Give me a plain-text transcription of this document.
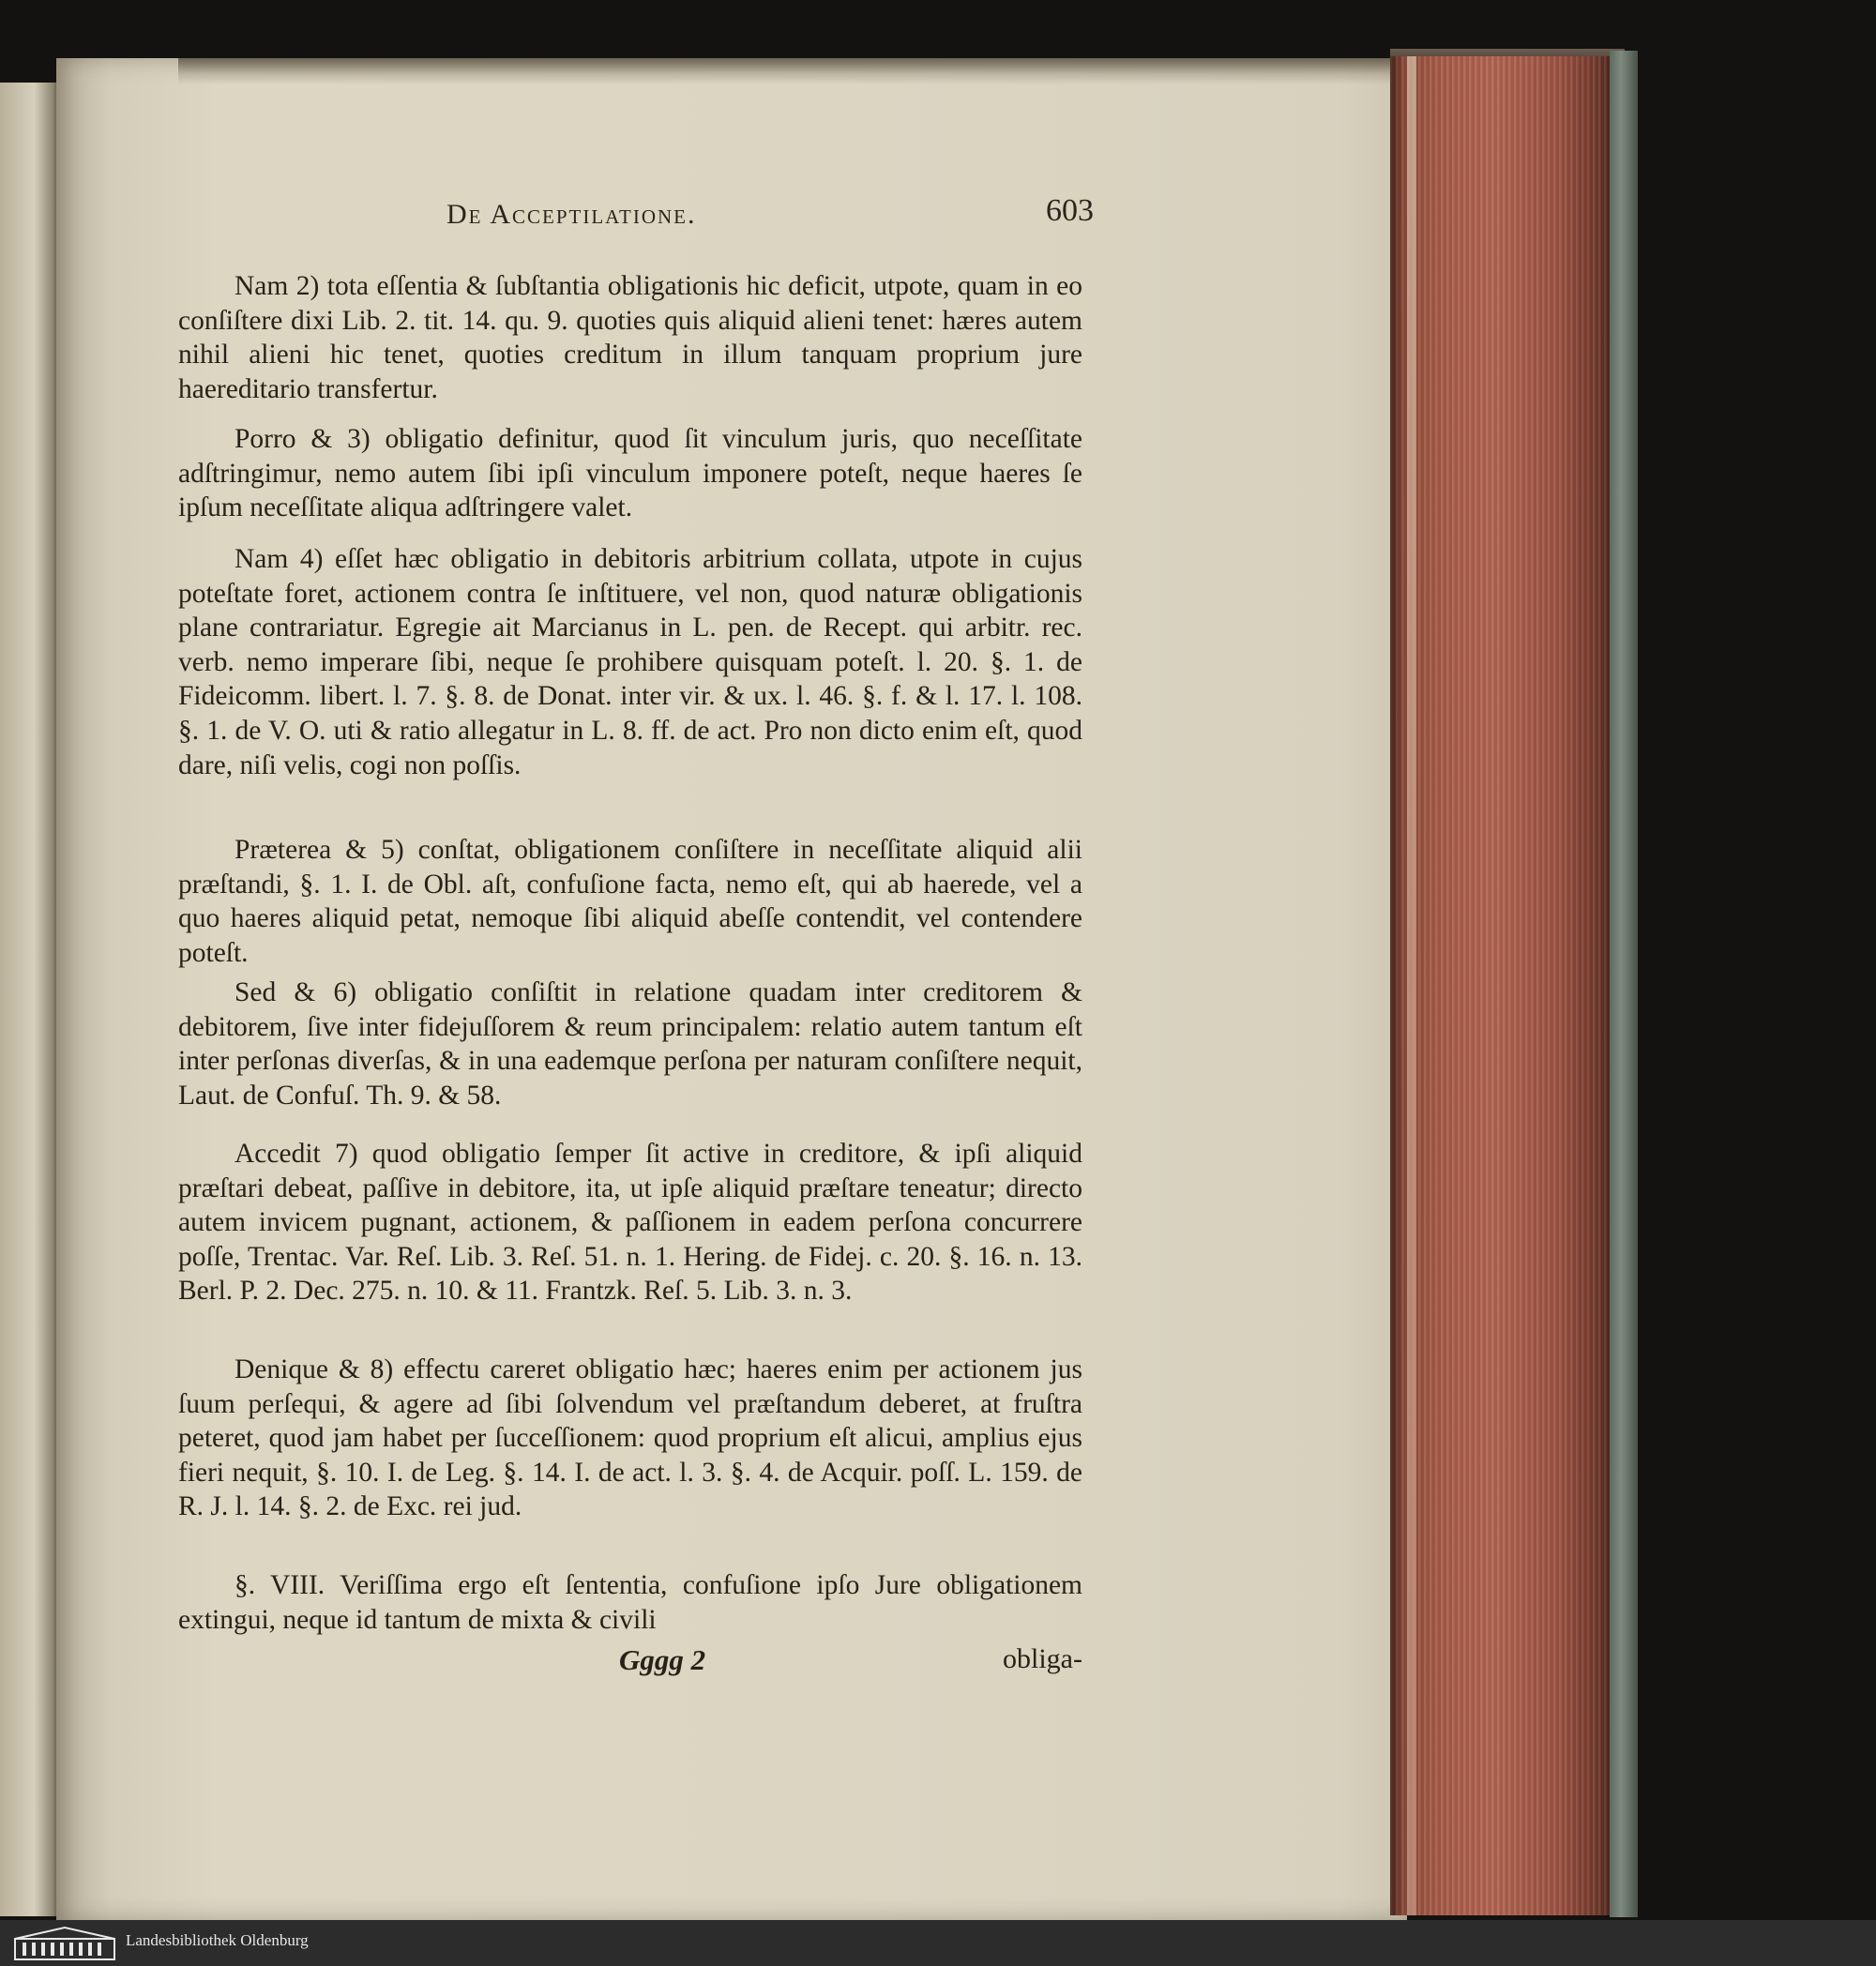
De Acceptilatione.	603
Nam 2) tota eſſentia & ſubſtantia obligationis hic deficit, utpote, quam in eo conſiſtere dixi Lib. 2. tit. 14. qu. 9. quoties quis aliquid alieni tenet: hæres autem nihil alieni hic tenet, quoties creditum in illum tanquam proprium jure haereditario transfertur.
Porro & 3) obligatio definitur, quod ſit vinculum juris, quo neceſſitate adſtringimur, nemo autem ſibi ipſi vinculum imponere poteſt, neque haeres ſe ipſum neceſſitate aliqua adſtringere valet.
Nam 4) eſſet hæc obligatio in debitoris arbitrium collata, utpote in cujus poteſtate foret, actionem contra ſe inſtituere, vel non, quod naturæ obligationis plane contrariatur. Egregie ait Marcianus in L. pen. de Recept. qui arbitr. rec. verb. nemo imperare ſibi, neque ſe prohibere quisquam poteſt. l. 20. §. 1. de Fideicomm. libert. l. 7. §. 8. de Donat. inter vir. & ux. l. 46. §. f. & l. 17. l. 108. §. 1. de V. O. uti & ratio allegatur in L. 8. ff. de act. Pro non dicto enim eſt, quod dare, niſi velis, cogi non poſſis.
Præterea & 5) conſtat, obligationem conſiſtere in neceſſitate aliquid alii præſtandi, §. 1. I. de Obl. aſt, confuſione facta, nemo eſt, qui ab haerede, vel a quo haeres aliquid petat, nemoque ſibi aliquid abeſſe contendit, vel contendere poteſt.
Sed & 6) obligatio conſiſtit in relatione quadam inter creditorem & debitorem, ſive inter fidejuſſorem & reum principalem: relatio autem tantum eſt inter perſonas diverſas, & in una eademque perſona per naturam conſiſtere nequit, Laut. de Confuſ. Th. 9. & 58.
Accedit 7) quod obligatio ſemper ſit active in creditore, & ipſi aliquid præſtari debeat, paſſive in debitore, ita, ut ipſe aliquid præſtare teneatur; directo autem invicem pugnant, actionem, & paſſionem in eadem perſona concurrere poſſe, Trentac. Var. Reſ. Lib. 3. Reſ. 51. n. 1. Hering. de Fidej. c. 20. §. 16. n. 13. Berl. P. 2. Dec. 275. n. 10. & 11. Frantzk. Reſ. 5. Lib. 3. n. 3.
Denique & 8) effectu careret obligatio hæc; haeres enim per actionem jus ſuum perſequi, & agere ad ſibi ſolvendum vel præſtandum deberet, at fruſtra peteret, quod jam habet per ſucceſſionem: quod proprium eſt alicui, amplius ejus fieri nequit, §. 10. I. de Leg. §. 14. I. de act. l. 3. §. 4. de Acquir. poſſ. L. 159. de R. J. l. 14. §. 2. de Exc. rei jud.
§. VIII. Veriſſima ergo eſt ſententia, confuſione ipſo Jure obligationem extingui, neque id tantum de mixta & civili
Gggg 2	obliga-
Landesbibliothek Oldenburg
